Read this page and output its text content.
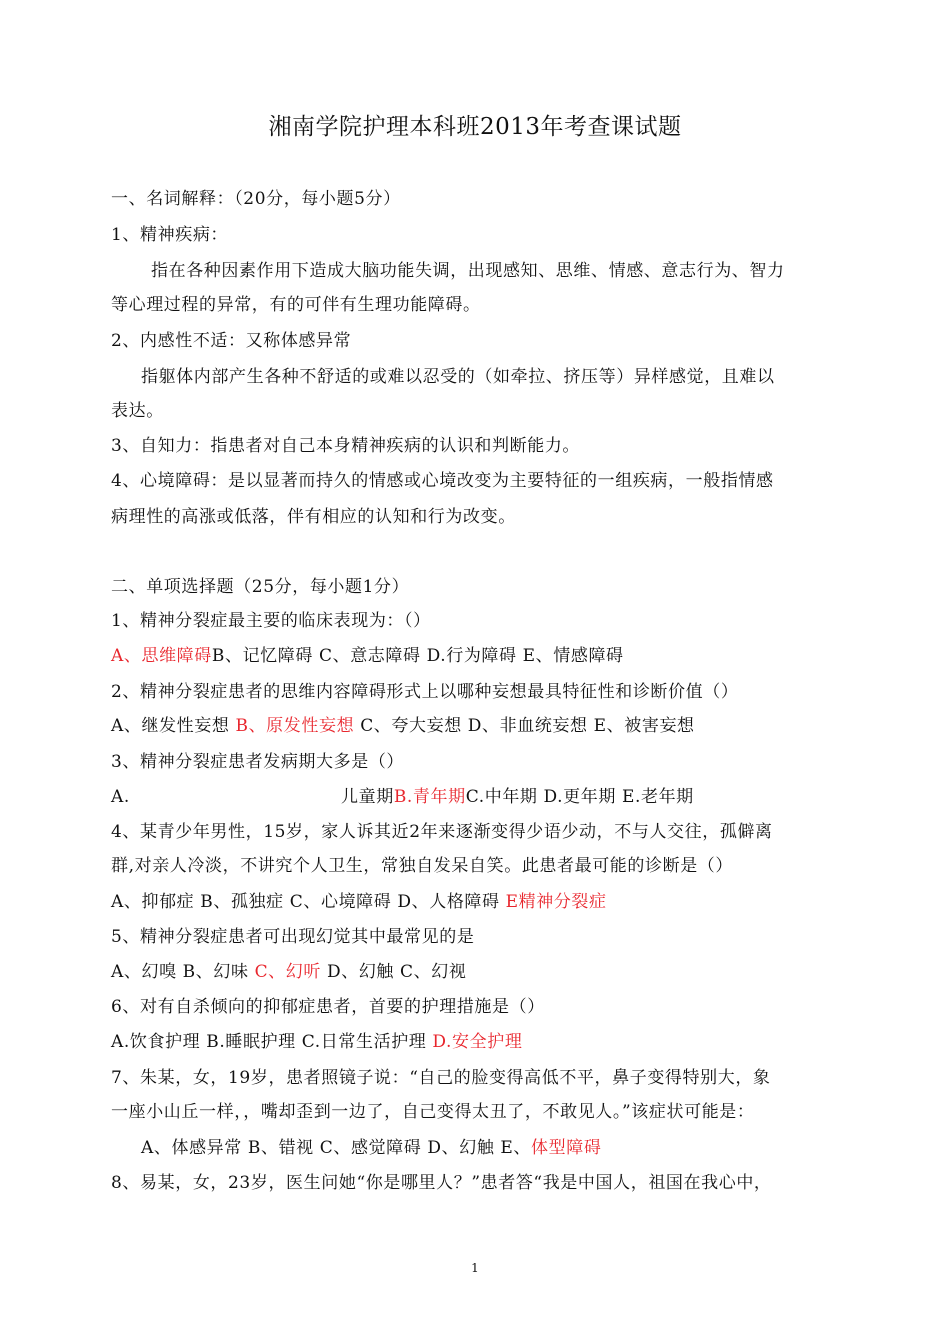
湘南学院护理本科班2013年考查课试题
一、名词解释：（20分，每小题5分）
1、精神疾病：
指在各种因素作用下造成大脑功能失调，出现感知、思维、情感、意志行为、智力
等心理过程的异常，有的可伴有生理功能障碍。
2、内感性不适：又称体感异常
指躯体内部产生各种不舒适的或难以忍受的（如牵拉、挤压等）异样感觉，且难以
表达。
3、自知力：指患者对自己本身精神疾病的认识和判断能力。
4、心境障碍：是以显著而持久的情感或心境改变为主要特征的一组疾病，一般指情感
病理性的高涨或低落，伴有相应的认知和行为改变。
二、单项选择题（25分，每小题1分）
1、精神分裂症最主要的临床表现为：（）
A、思维障碍B、记忆障碍 C、意志障碍 D.行为障碍 E、情感障碍
2、精神分裂症患者的思维内容障碍形式上以哪种妄想最具特征性和诊断价值（）
A、继发性妄想 B、原发性妄想 C、夸大妄想 D、非血统妄想 E、被害妄想
3、精神分裂症患者发病期大多是（）
A.	儿童期B.青年期C.中年期 D.更年期 E.老年期
4、某青少年男性，15岁，家人诉其近2年来逐渐变得少语少动，不与人交往，孤僻离
群,对亲人冷淡，不讲究个人卫生，常独自发呆自笑。此患者最可能的诊断是（）
A、抑郁症 B、孤独症 C、心境障碍 D、人格障碍 E精神分裂症
5、精神分裂症患者可出现幻觉其中最常见的是
A、幻嗅 B、幻味 C、幻听 D、幻触 C、幻视
6、对有自杀倾向的抑郁症患者，首要的护理措施是（）
A.饮食护理 B.睡眠护理 C.日常生活护理 D.安全护理
7、朱某，女，19岁，患者照镜子说：“自己的脸变得高低不平，鼻子变得特别大，象
一座小山丘一样，，嘴却歪到一边了，自己变得太丑了，不敢见人。”该症状可能是：
A、体感异常 B、错视 C、感觉障碍 D、幻触 E、体型障碍
8、易某，女，23岁，医生问她“你是哪里人？”患者答“我是中国人，祖国在我心中，
1
